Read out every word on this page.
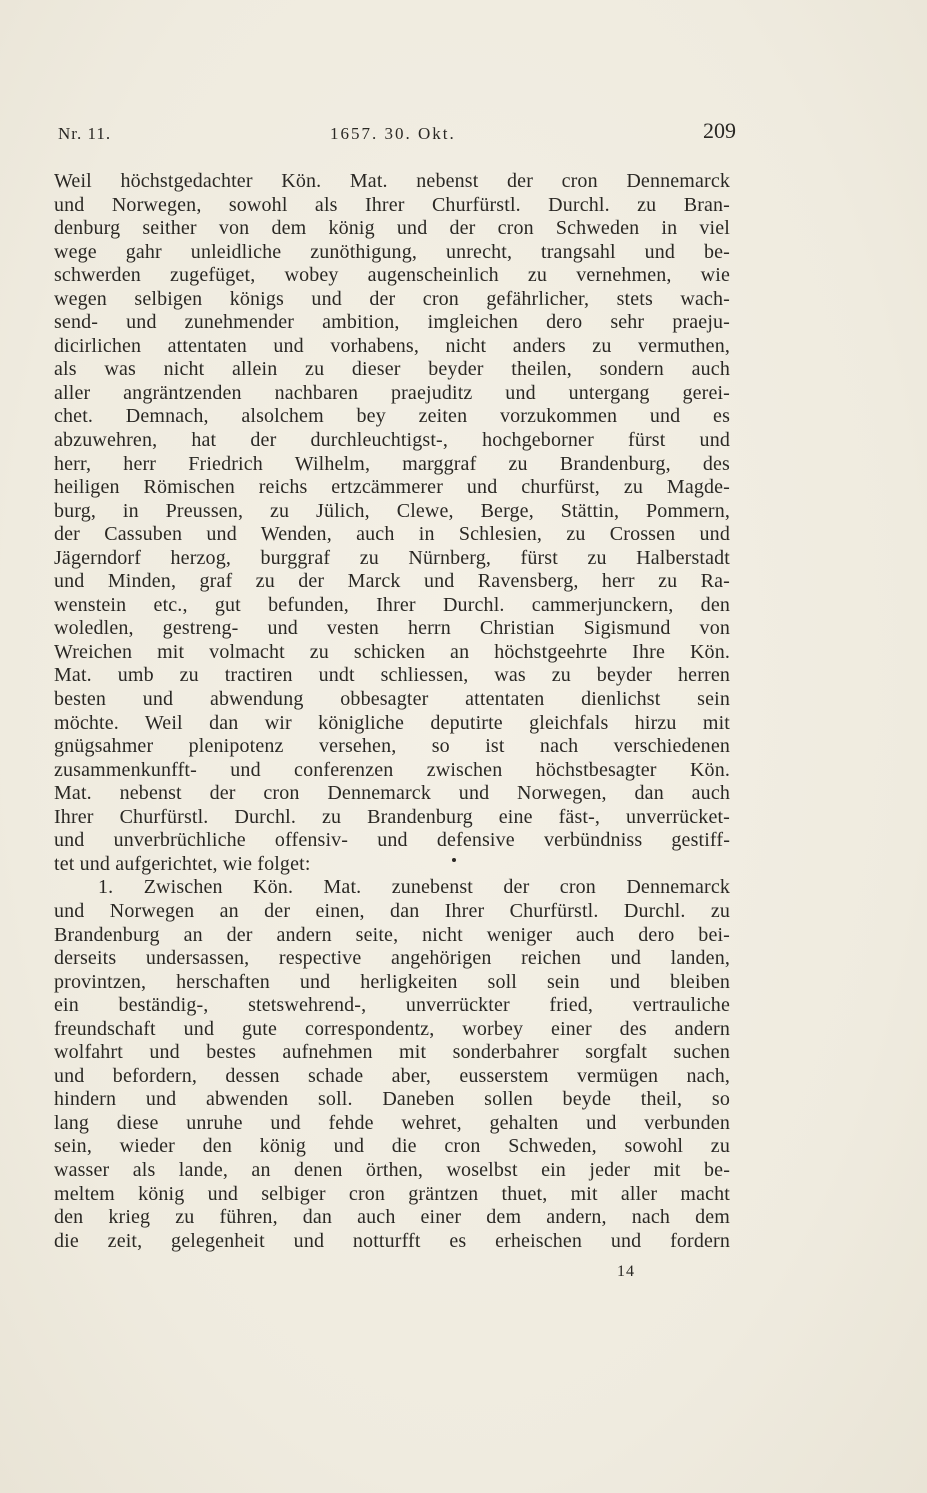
Nr. 11.	1657. 30. Okt.	209
Weil höchstgedachter Kön. Mat. nebenst der cron Dennemarck
und Norwegen, sowohl als Ihrer Churfürstl. Durchl. zu Bran-
denburg seither von dem könig und der cron Schweden in viel
wege gahr unleidliche zunöthigung, unrecht, trangsahl und be-
schwerden zugefüget, wobey augenscheinlich zu vernehmen, wie
wegen selbigen königs und der cron gefährlicher, stets wach-
send- und zunehmender ambition, imgleichen dero sehr praeju-
dicirlichen attentaten und vorhabens, nicht anders zu vermuthen,
als was nicht allein zu dieser beyder theilen, sondern auch
aller angräntzenden nachbaren praejuditz und untergang gerei-
chet. Demnach, alsolchem bey zeiten vorzukommen und es
abzuwehren, hat der durchleuchtigst-, hochgeborner fürst und
herr, herr Friedrich Wilhelm, marggraf zu Brandenburg, des
heiligen Römischen reichs ertzcämmerer und churfürst, zu Magde-
burg, in Preussen, zu Jülich, Clewe, Berge, Stättin, Pommern,
der Cassuben und Wenden, auch in Schlesien, zu Crossen und
Jägerndorf herzog, burggraf zu Nürnberg, fürst zu Halberstadt
und Minden, graf zu der Marck und Ravensberg, herr zu Ra-
wenstein etc., gut befunden, Ihrer Durchl. cammerjunckern, den
woledlen, gestreng- und vesten herrn Christian Sigismund von
Wreichen mit volmacht zu schicken an höchstgeehrte Ihre Kön.
Mat. umb zu tractiren undt schliessen, was zu beyder herren
besten und abwendung obbesagter attentaten dienlichst sein
möchte. Weil dan wir königliche deputirte gleichfals hirzu mit
gnügsahmer plenipotenz versehen, so ist nach verschiedenen
zusammenkunfft- und conferenzen zwischen höchstbesagter Kön.
Mat. nebenst der cron Dennemarck und Norwegen, dan auch
Ihrer Churfürstl. Durchl. zu Brandenburg eine fäst-, unverrücket-
und unverbrüchliche offensiv- und defensive verbündniss gestiff-
tet und aufgerichtet, wie folget:
1. Zwischen Kön. Mat. zunebenst der cron Dennemarck
und Norwegen an der einen, dan Ihrer Churfürstl. Durchl. zu
Brandenburg an der andern seite, nicht weniger auch dero bei-
derseits undersassen, respective angehörigen reichen und landen,
provintzen, herschaften und herligkeiten soll sein und bleiben
ein beständig-, stetswehrend-, unverrückter fried, vertrauliche
freundschaft und gute correspondentz, worbey einer des andern
wolfahrt und bestes aufnehmen mit sonderbahrer sorgfalt suchen
und befordern, dessen schade aber, eusserstem vermügen nach,
hindern und abwenden soll. Daneben sollen beyde theil, so
lang diese unruhe und fehde wehret, gehalten und verbunden
sein, wieder den könig und die cron Schweden, sowohl zu
wasser als lande, an denen örthen, woselbst ein jeder mit be-
meltem könig und selbiger cron gräntzen thuet, mit aller macht
den krieg zu führen, dan auch einer dem andern, nach dem
die zeit, gelegenheit und notturfft es erheischen und fordern
14
